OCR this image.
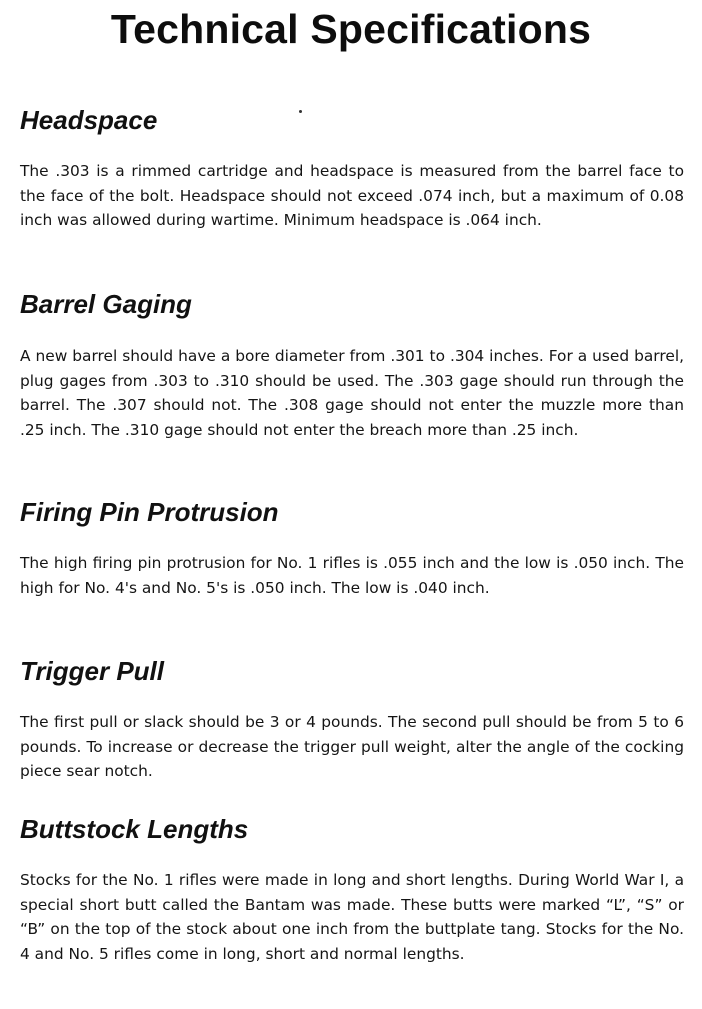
Technical Specifications
Headspace

The .303 is a rimmed cartridge and headspace is measured from the barrel face to the face of the bolt. Headspace should not exceed .074 inch, but a maximum of 0.08 inch was allowed during wartime. Minimum headspace is .064 inch.

Barrel Gaging

A new barrel should have a bore diameter from .301 to .304 inches. For a used barrel, plug gages from .303 to .310 should be used. The .303 gage should run through the barrel. The .307 should not. The .308 gage should not enter the muzzle more than .25 inch. The .310 gage should not enter the breach more than .25 inch.

Firing Pin Protrusion

The high firing pin protrusion for No. 1 rifles is .055 inch and the low is .050 inch. The high for No. 4's and No. 5's is .050 inch. The low is .040 inch.

Trigger Pull

The first pull or slack should be 3 or 4 pounds. The second pull should be from 5 to 6 pounds. To increase or decrease the trigger pull weight, alter the angle of the cocking piece sear notch.

Buttstock Lengths

Stocks for the No. 1 rifles were made in long and short lengths. During World War I, a special short butt called the Bantam was made. These butts were marked “L”, “S” or “B” on the top of the stock about one inch from the buttplate tang. Stocks for the No. 4 and No. 5 rifles come in long, short and normal lengths.
